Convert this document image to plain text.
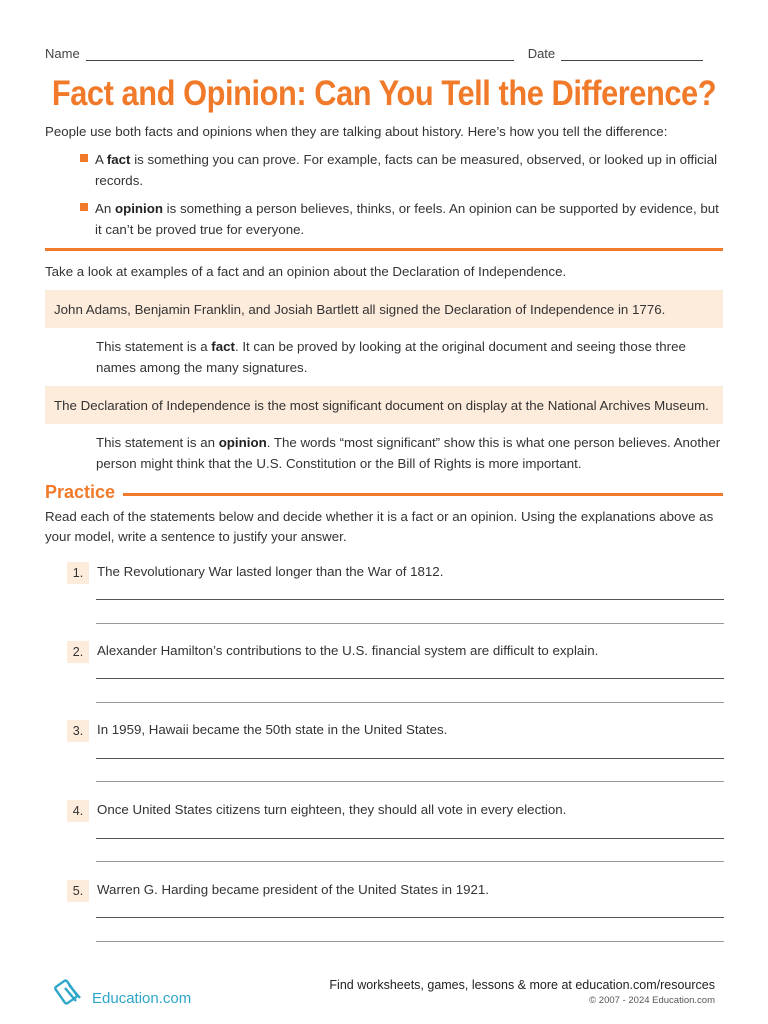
Name	Date
Fact and Opinion: Can You Tell the Difference?
People use both facts and opinions when they are talking about history. Here’s how you tell the difference:
A fact is something you can prove. For example, facts can be measured, observed, or looked up in official records.
An opinion is something a person believes, thinks, or feels. An opinion can be supported by evidence, but it can’t be proved true for everyone.
Take a look at examples of a fact and an opinion about the Declaration of Independence.
John Adams, Benjamin Franklin, and Josiah Bartlett all signed the Declaration of Independence in 1776.
This statement is a fact. It can be proved by looking at the original document and seeing those three names among the many signatures.
The Declaration of Independence is the most significant document on display at the National Archives Museum.
This statement is an opinion. The words “most significant” show this is what one person believes. Another person might think that the U.S. Constitution or the Bill of Rights is more important.
Practice
Read each of the statements below and decide whether it is a fact or an opinion. Using the explanations above as your model, write a sentence to justify your answer.
1.	The Revolutionary War lasted longer than the War of 1812.
2.	Alexander Hamilton’s contributions to the U.S. financial system are difficult to explain.
3.	In 1959, Hawaii became the 50th state in the United States.
4.	Once United States citizens turn eighteen, they should all vote in every election.
5.	Warren G. Harding became president of the United States in 1921.
Education.com
Find worksheets, games, lessons & more at education.com/resources
© 2007 - 2024 Education.com
